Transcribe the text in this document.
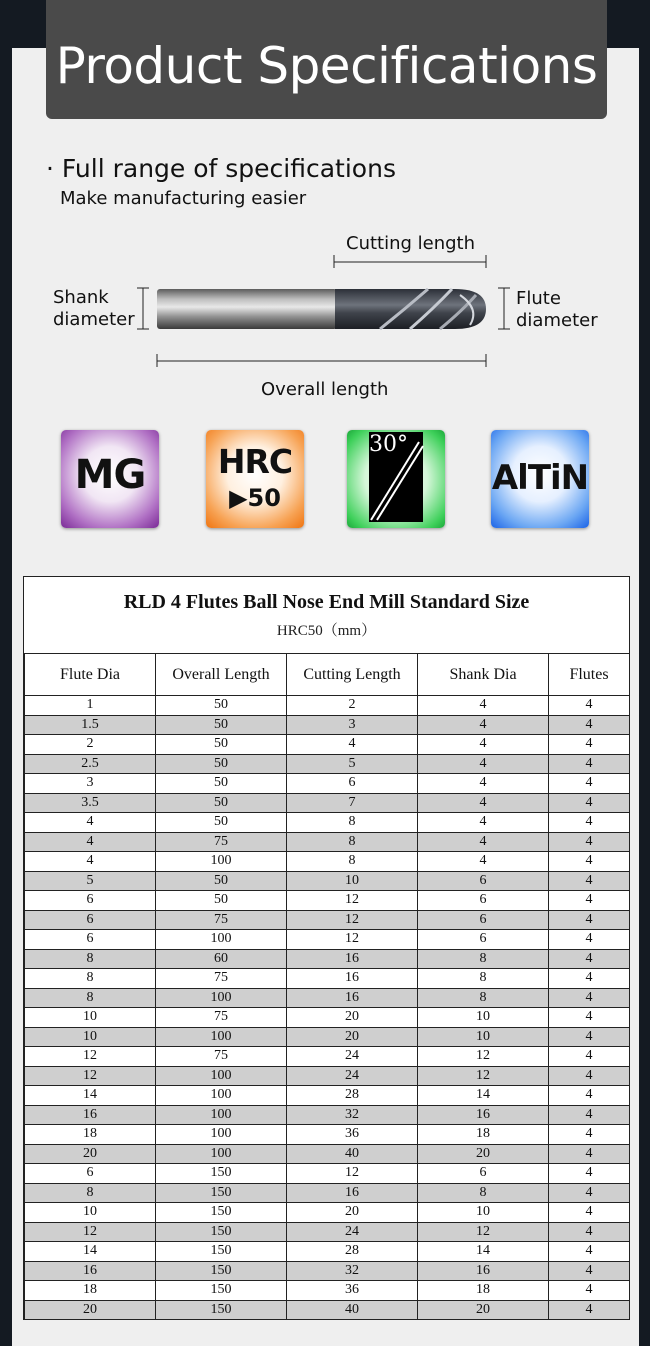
Product Specifications
· Full range of specifications
Make manufacturing easier
Cutting length
Shank
diameter
Flute
diameter
Overall length
MG	HRC
▶50
30°
AlTiN
RLD 4 Flutes Ball Nose End Mill Standard Size
HRC50（mm）
Flute Dia	Overall Length	Cutting Length	Shank Dia	Flutes
1	50	2	4	4
1.5	50	3	4	4
2	50	4	4	4
2.5	50	5	4	4
3	50	6	4	4
3.5	50	7	4	4
4	50	8	4	4
4	75	8	4	4
4	100	8	4	4
5	50	10	6	4
6	50	12	6	4
6	75	12	6	4
6	100	12	6	4
8	60	16	8	4
8	75	16	8	4
8	100	16	8	4
10	75	20	10	4
10	100	20	10	4
12	75	24	12	4
12	100	24	12	4
14	100	28	14	4
16	100	32	16	4
18	100	36	18	4
20	100	40	20	4
6	150	12	6	4
8	150	16	8	4
10	150	20	10	4
12	150	24	12	4
14	150	28	14	4
16	150	32	16	4
18	150	36	18	4
20	150	40	20	4
